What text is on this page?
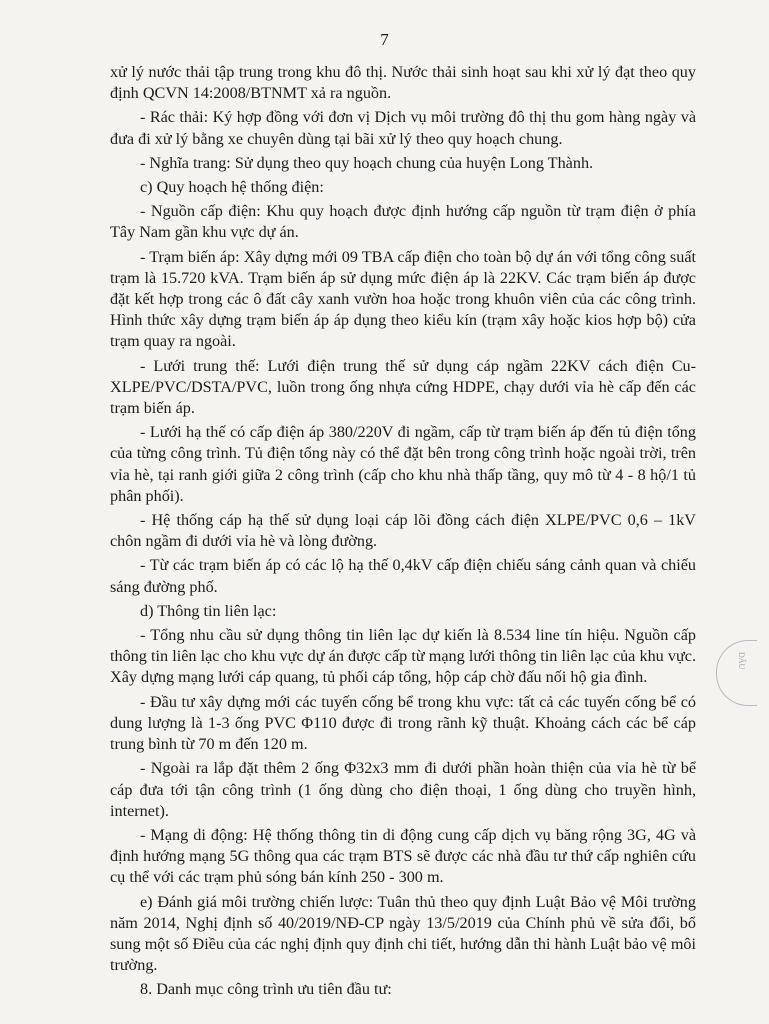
7

xử lý nước thải tập trung trong khu đô thị. Nước thải sinh hoạt sau khi xử lý đạt theo quy định QCVN 14:2008/BTNMT xả ra nguồn.

- Rác thải: Ký hợp đồng với đơn vị Dịch vụ môi trường đô thị thu gom hàng ngày và đưa đi xử lý bằng xe chuyên dùng tại bãi xử lý theo quy hoạch chung.

- Nghĩa trang: Sử dụng theo quy hoạch chung của huyện Long Thành.

c) Quy hoạch hệ thống điện:

- Nguồn cấp điện: Khu quy hoạch được định hướng cấp nguồn từ trạm điện ở phía Tây Nam gần khu vực dự án.

- Trạm biến áp: Xây dựng mới 09 TBA cấp điện cho toàn bộ dự án với tổng công suất trạm là 15.720 kVA. Trạm biến áp sử dụng mức điện áp là 22KV. Các trạm biến áp được đặt kết hợp trong các ô đất cây xanh vườn hoa hoặc trong khuôn viên của các công trình. Hình thức xây dựng trạm biến áp áp dụng theo kiểu kín (trạm xây hoặc kios hợp bộ) cửa trạm quay ra ngoài.

- Lưới trung thế: Lưới điện trung thế sử dụng cáp ngầm 22KV cách điện Cu-XLPE/PVC/DSTA/PVC, luồn trong ống nhựa cứng HDPE, chạy dưới vỉa hè cấp đến các trạm biến áp.

- Lưới hạ thế có cấp điện áp 380/220V đi ngầm, cấp từ trạm biến áp đến tủ điện tổng của từng công trình. Tủ điện tổng này có thể đặt bên trong công trình hoặc ngoài trời, trên vỉa hè, tại ranh giới giữa 2 công trình (cấp cho khu nhà thấp tầng, quy mô từ 4 - 8 hộ/1 tủ phân phối).

- Hệ thống cáp hạ thế sử dụng loại cáp lõi đồng cách điện XLPE/PVC 0,6 – 1kV chôn ngầm đi dưới vỉa hè và lòng đường.

- Từ các trạm biến áp có các lộ hạ thế 0,4kV cấp điện chiếu sáng cảnh quan và chiếu sáng đường phố.

d) Thông tin liên lạc:

- Tổng nhu cầu sử dụng thông tin liên lạc dự kiến là 8.534 line tín hiệu. Nguồn cấp thông tin liên lạc cho khu vực dự án được cấp từ mạng lưới thông tin liên lạc của khu vực. Xây dựng mạng lưới cáp quang, tủ phối cáp tổng, hộp cáp chờ đấu nối hộ gia đình.

- Đầu tư xây dựng mới các tuyến cống bể trong khu vực: tất cả các tuyến cống bể có dung lượng là 1-3 ống PVC Φ110 được đi trong rãnh kỹ thuật. Khoảng cách các bể cáp trung bình từ 70 m đến 120 m.

- Ngoài ra lắp đặt thêm 2 ống Φ32x3 mm đi dưới phần hoàn thiện của vỉa hè từ bể cáp đưa tới tận công trình (1 ống dùng cho điện thoại, 1 ống dùng cho truyền hình, internet).

- Mạng di động: Hệ thống thông tin di động cung cấp dịch vụ băng rộng 3G, 4G và định hướng mạng 5G thông qua các trạm BTS sẽ được các nhà đầu tư thứ cấp nghiên cứu cụ thể với các trạm phủ sóng bán kính 250 - 300 m.

e) Đánh giá môi trường chiến lược: Tuân thủ theo quy định Luật Bảo vệ Môi trường năm 2014, Nghị định số 40/2019/NĐ-CP ngày 13/5/2019 của Chính phủ về sửa đổi, bổ sung một số Điều của các nghị định quy định chi tiết, hướng dẫn thi hành Luật bảo vệ môi trường.

8. Danh mục công trình ưu tiên đầu tư:

DẤU
